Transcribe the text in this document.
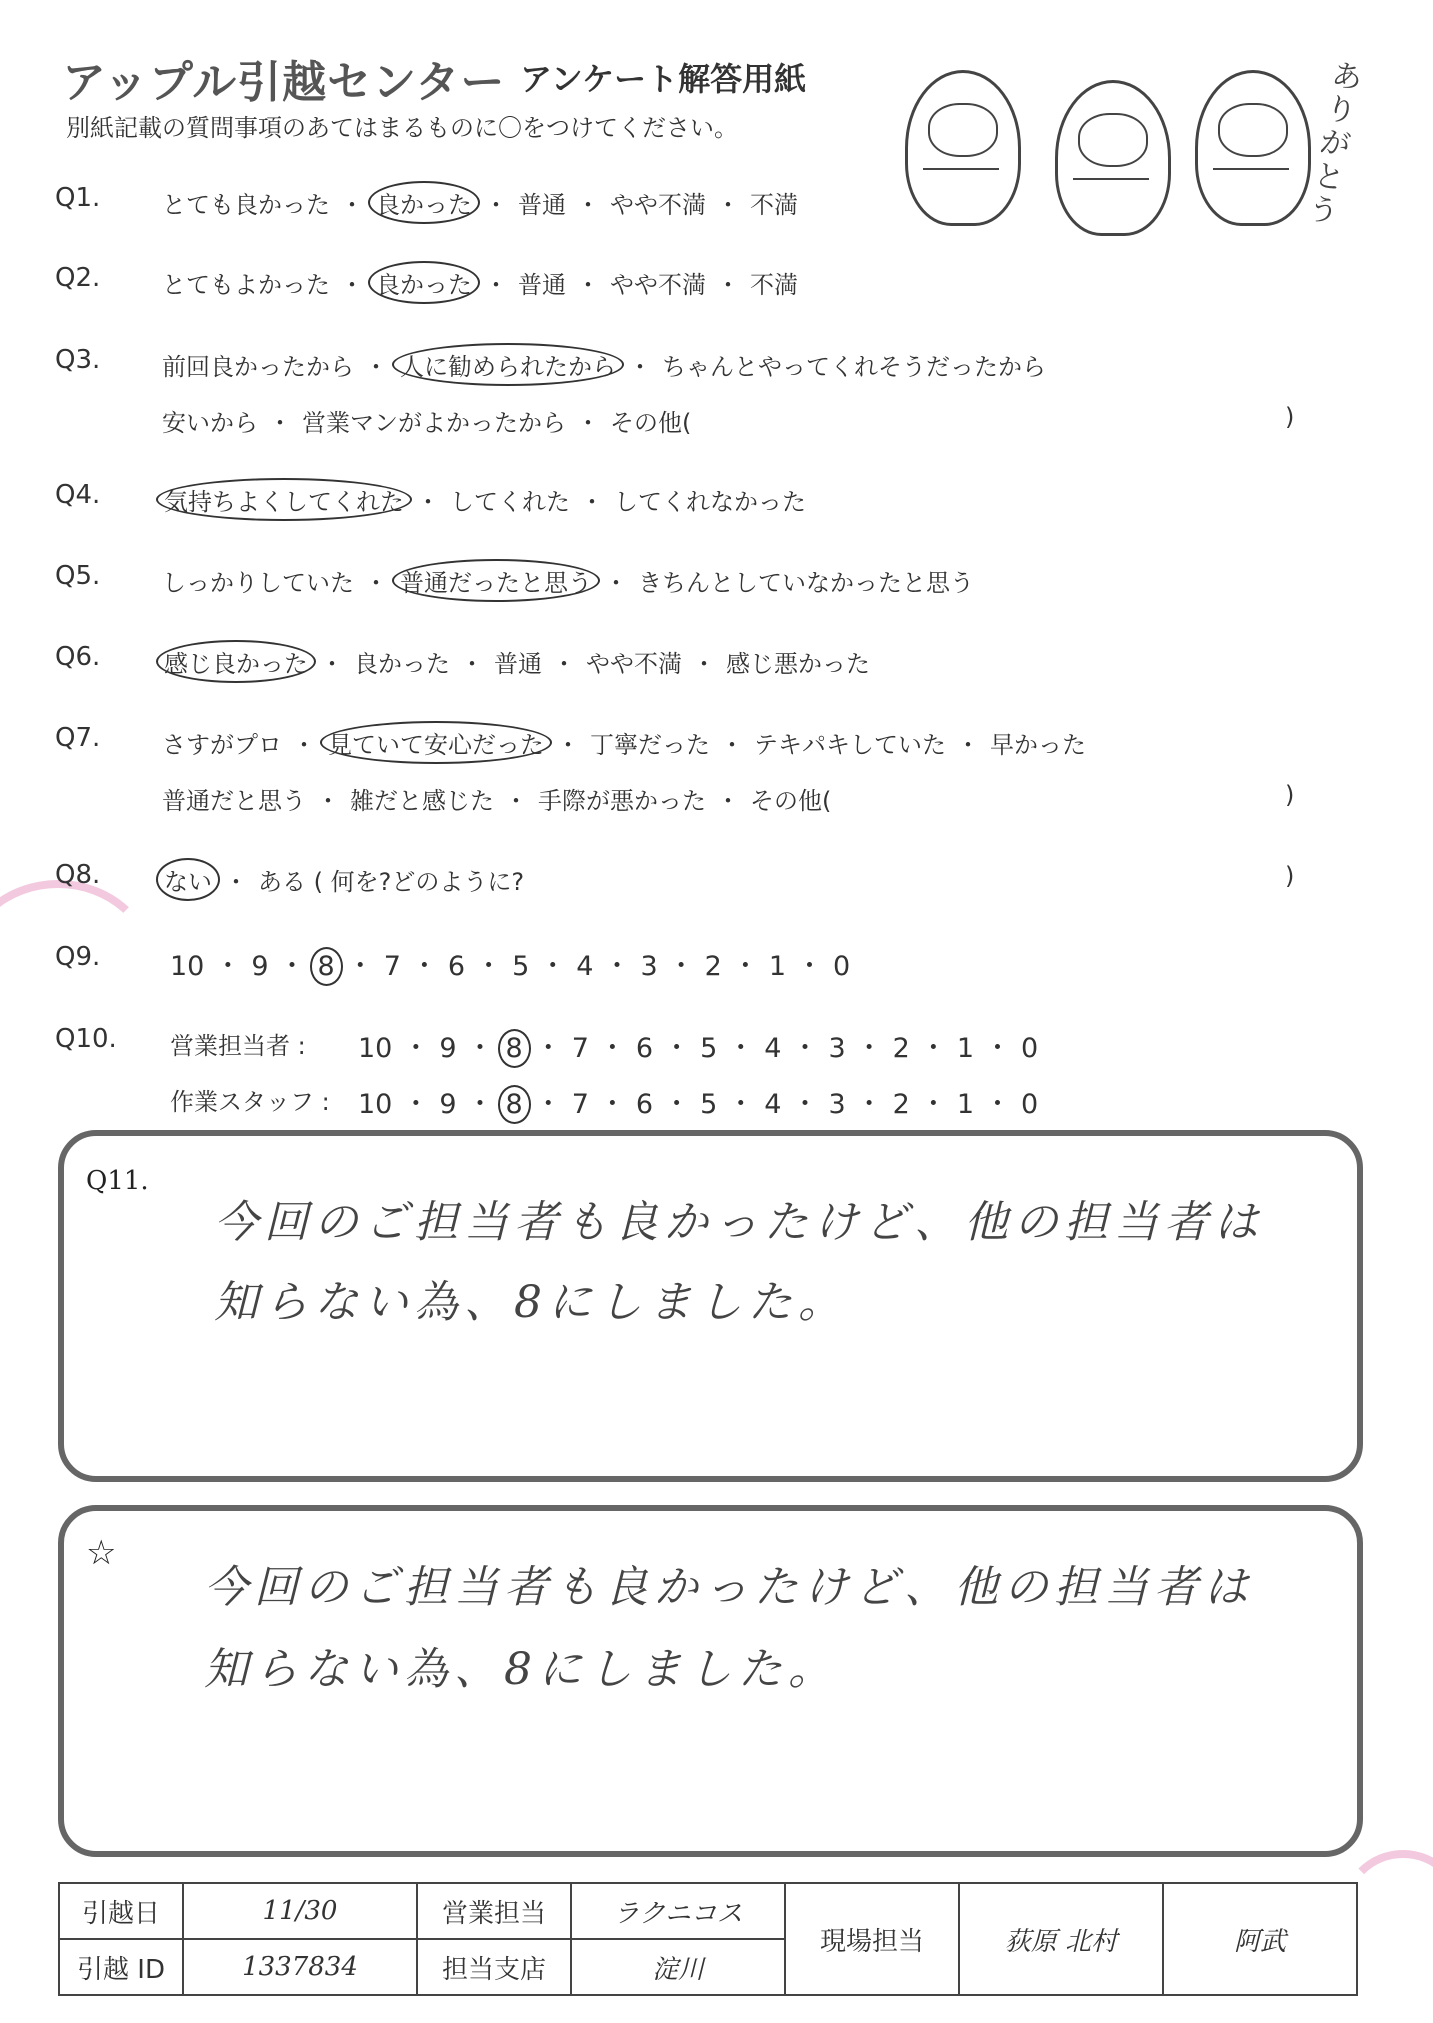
アップル引越センター アンケート解答用紙
別紙記載の質問事項のあてはまるものに〇をつけてください。
ありがとう
Q1.	とても良かった ・ 良かった ・ 普通 ・ やや不満 ・ 不満
Q2.	とてもよかった ・ 良かった ・ 普通 ・ やや不満 ・ 不満
Q3.	前回良かったから ・ 人に勧められたから ・ ちゃんとやってくれそうだったから
安いから ・ 営業マンがよかったから ・ その他(	)
Q4.	気持ちよくしてくれた ・ してくれた ・ してくれなかった
Q5.	しっかりしていた ・ 普通だったと思う ・ きちんとしていなかったと思う
Q6.	感じ良かった ・ 良かった ・ 普通 ・ やや不満 ・ 感じ悪かった
Q7.	さすがプロ ・ 見ていて安心だった ・ 丁寧だった ・ テキパキしていた ・ 早かった
普通だと思う ・ 雑だと感じた ・ 手際が悪かった ・ その他(	)
Q8.	ない ・ ある ( 何を?どのように?	)
Q9.	10 ・ 9 ・ 8 ・ 7 ・ 6 ・ 5 ・ 4 ・ 3 ・ 2 ・ 1 ・ 0
Q10. 営業担当者 : 10 ・ 9 ・ 8 ・ 7 ・ 6 ・ 5 ・ 4 ・ 3 ・ 2 ・ 1 ・ 0
作業スタッフ : 10 ・ 9 ・ 8 ・ 7 ・ 6 ・ 5 ・ 4 ・ 3 ・ 2 ・ 1 ・ 0
Q11.
今回のご担当者も良かったけど、他の担当者は
知らない為、8にしました。
☆
今回のご担当者も良かったけど、他の担当者は
知らない為、8にしました。
引越日	11/30	営業担当	ラクニコス	現場担当	荻原 北村	阿武
引越 ID	1337834	担当支店	淀川			
